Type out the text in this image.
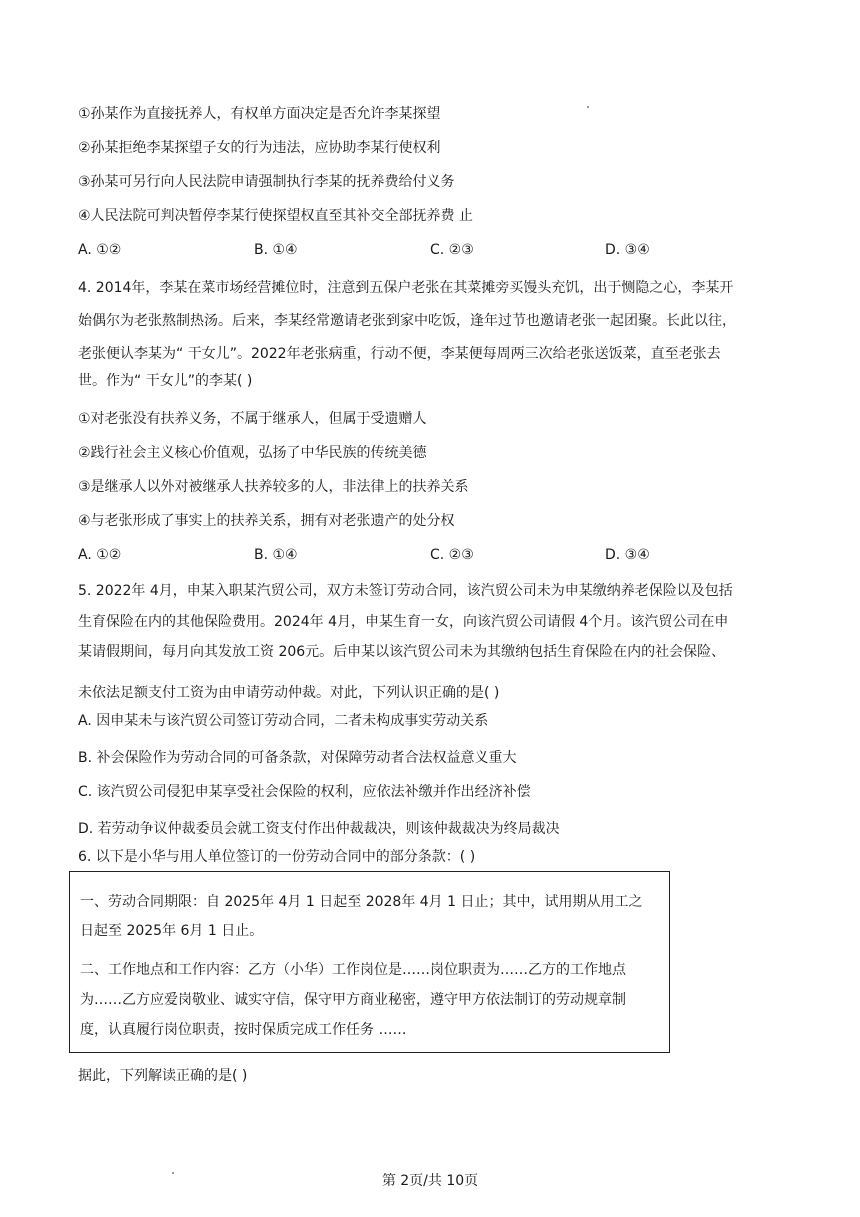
①孙某作为直接抚养人，有权单方面决定是否允许李某探望
②孙某拒绝李某探望子女的行为违法，应协助李某行使权利
③孙某可另行向人民法院申请强制执行李某的抚养费给付义务
④人民法院可判决暂停李某行使探望权直至其补交全部抚养费 止
A. ①②	B. ①④	C. ②③	D. ③④
4. 2014年，李某在菜市场经营摊位时，注意到五保户老张在其菜摊旁买馒头充饥，出于恻隐之心，李某开
始偶尔为老张熬制热汤。后来，李某经常邀请老张到家中吃饭，逢年过节也邀请老张一起团聚。长此以往，
老张便认李某为“ 干女儿”。2022年老张病重，行动不便，李某便每周两三次给老张送饭菜，直至老张去
世。作为“ 干女儿”的李某( )
①对老张没有扶养义务，不属于继承人，但属于受遗赠人
②践行社会主义核心价值观，弘扬了中华民族的传统美德
③是继承人以外对被继承人扶养较多的人，非法律上的扶养关系
④与老张形成了事实上的扶养关系，拥有对老张遗产的处分权
A. ①②	B. ①④	C. ②③	D. ③④
5. 2022年 4月，申某入职某汽贸公司，双方未签订劳动合同，该汽贸公司未为申某缴纳养老保险以及包括
生育保险在内的其他保险费用。2024年 4月，申某生育一女，向该汽贸公司请假 4个月。该汽贸公司在申
某请假期间，每月向其发放工资 206元。后申某以该汽贸公司未为其缴纳包括生育保险在内的社会保险、
未依法足额支付工资为由申请劳动仲裁。对此，下列认识正确的是( )
A. 因申某未与该汽贸公司签订劳动合同，二者未构成事实劳动关系
B. 补会保险作为劳动合同的可备条款，对保障劳动者合法权益意义重大
C. 该汽贸公司侵犯申某享受社会保险的权利，应依法补缴并作出经济补偿
D. 若劳动争议仲裁委员会就工资支付作出仲裁裁决，则该仲裁裁决为终局裁决
6. 以下是小华与用人单位签订的一份劳动合同中的部分条款：( )
一、劳动合同期限：自 2025年 4月 1 日起至 2028年 4月 1 日止；其中，试用期从用工之
日起至 2025年 6月 1 日止。
二、工作地点和工作内容：乙方（小华）工作岗位是……岗位职责为……乙方的工作地点
为……乙方应爱岗敬业、诚实守信，保守甲方商业秘密，遵守甲方依法制订的劳动规章制
度，认真履行岗位职责，按时保质完成工作任务 ……
据此，下列解读正确的是( )
第 2页/共 10页
